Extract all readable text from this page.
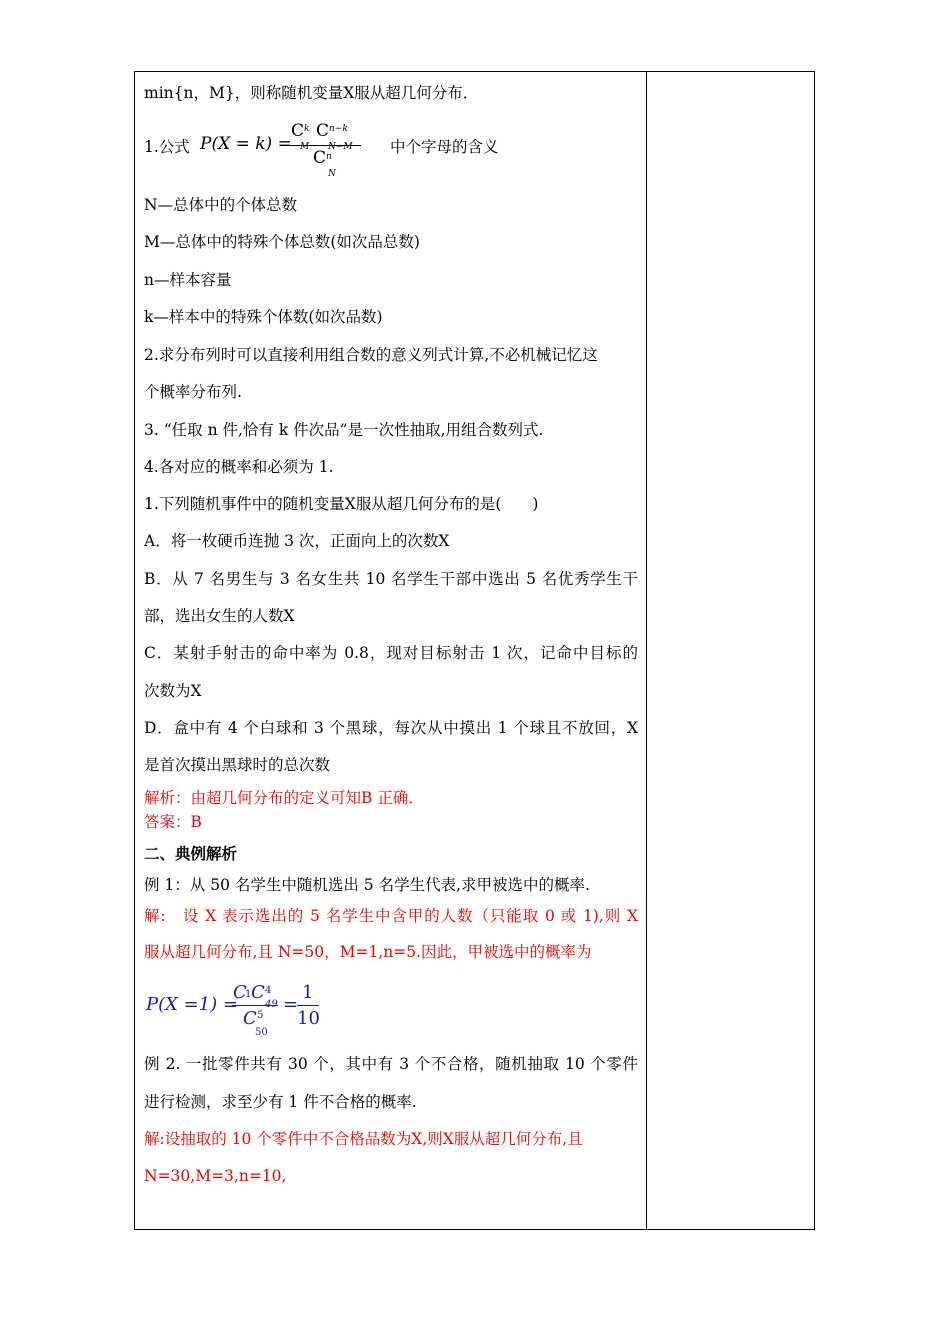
min{n，M}，则称随机变量X服从超几何分布．
1.公式 P(X = k) =
C k
M
C n−k
N−M
C n
N
中个字母的含义
N—总体中的个体总数
M—总体中的特殊个体总数(如次品总数)
n—样本容量
k—样本中的特殊个体数(如次品数)
2.求分布列时可以直接利用组合数的意义列式计算,不必机械记忆这
个概率分布列.
3. “任取 n 件,恰有 k 件次品”是一次性抽取,用组合数列式.
4.各对应的概率和必须为 1.
1.下列随机事件中的随机变量X服从超几何分布的是(　　)
A．将一枚硬币连抛 3 次，正面向上的次数X
B．从 7 名男生与 3 名女生共 10 名学生干部中选出 5 名优秀学生干
部，选出女生的人数X
C．某射手射击的命中率为 0.8，现对目标射击 1 次，记命中目标的
次数为X
D．盒中有 4 个白球和 3 个黑球，每次从中摸出 1 个球且不放回，X
是首次摸出黑球时的总次数
解析：由超几何分布的定义可知B 正确．
答案：B
二、典例解析
例 1：从 50 名学生中随机选出 5 名学生代表,求甲被选中的概率.
解:　设 X 表示选出的 5 名学生中含甲的人数（只能取 0 或 1),则 X
服从超几何分布,且 N=50，M=1,n=5.因此，甲被选中的概率为
P(X =1) =
C
1 C 4
49
C 5
50
=
1
10
例 2. 一批零件共有 30 个，其中有 3 个不合格，随机抽取 10 个零件
进行检测，求至少有 1 件不合格的概率.
解:设抽取的 10 个零件中不合格品数为X,则X服从超几何分布,且
N=30,M=3,n=10,
